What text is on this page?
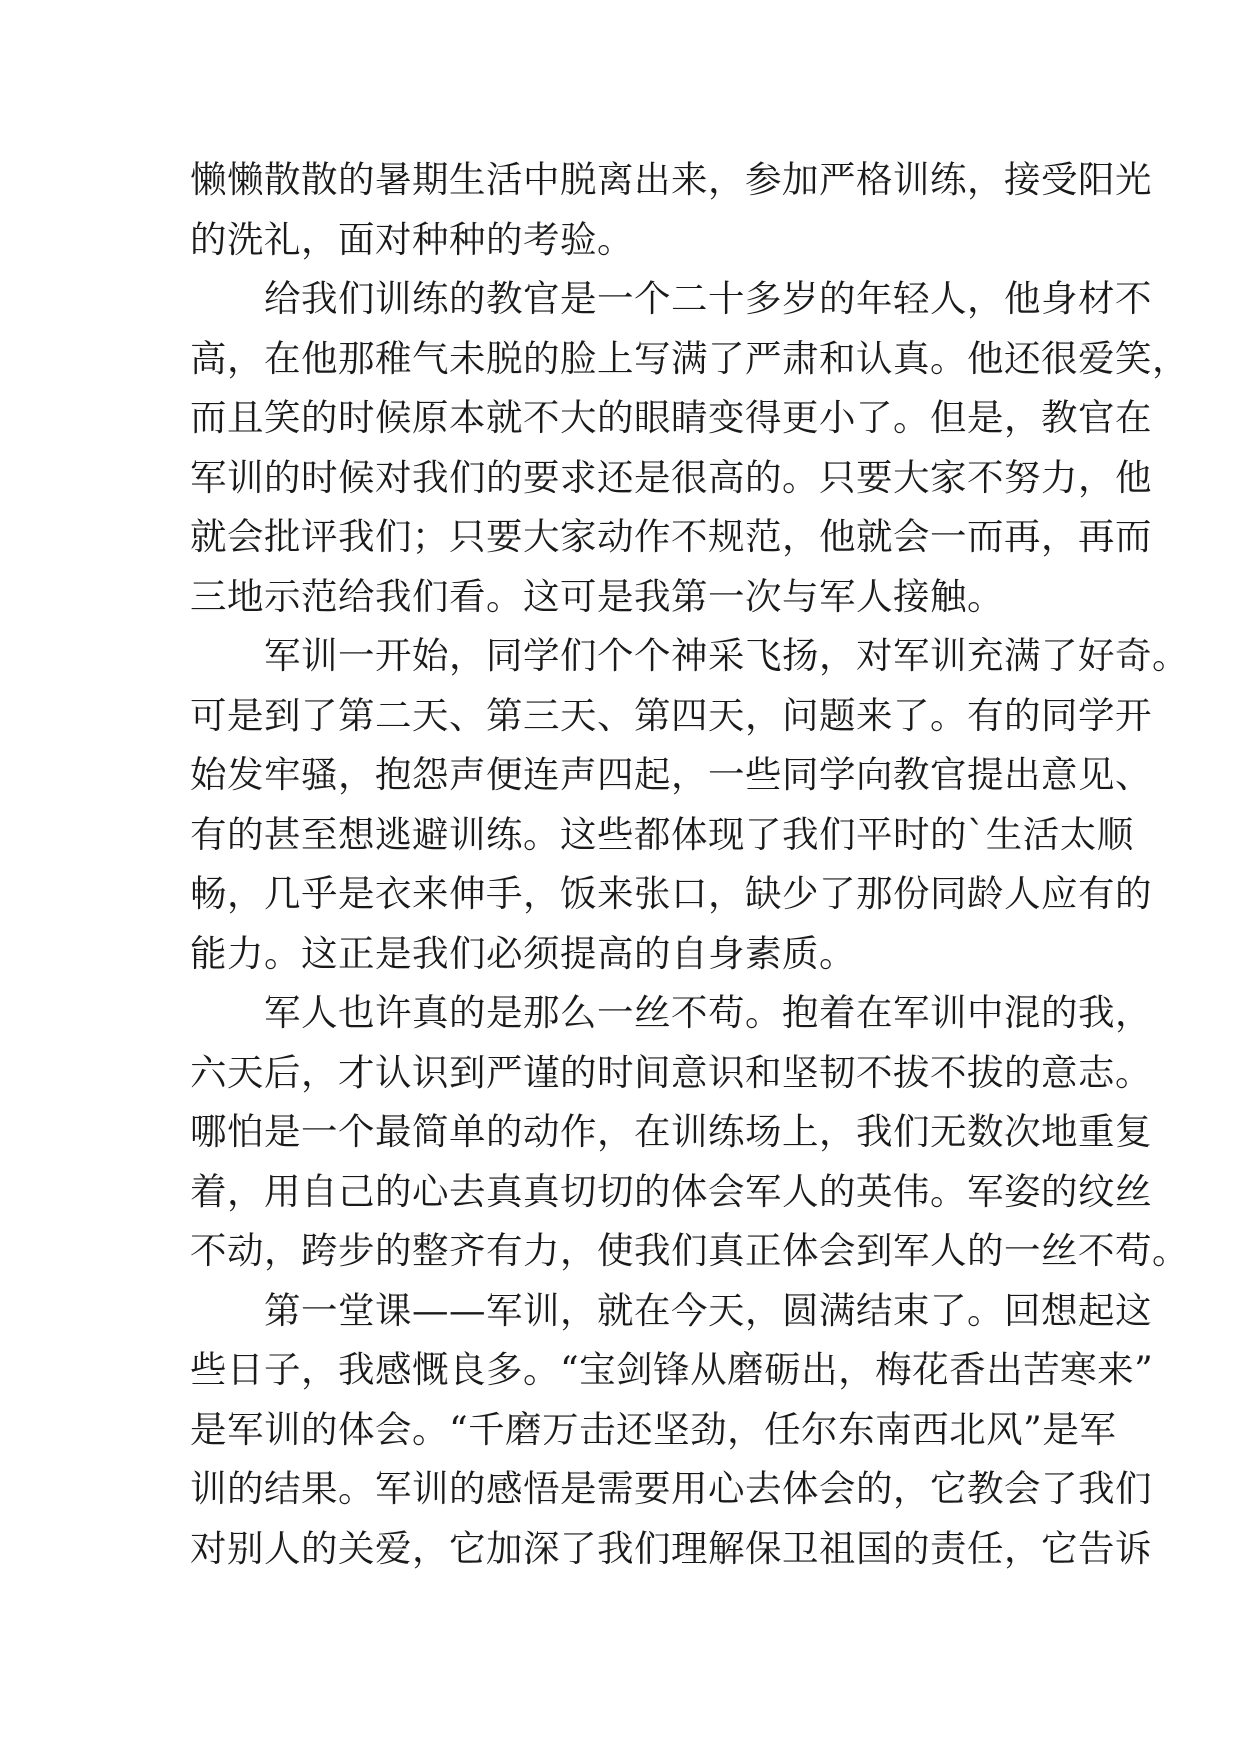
懒懒散散的暑期生活中脱离出来，参加严格训练，接受阳光
的洗礼，面对种种的考验。
给我们训练的教官是一个二十多岁的年轻人，他身材不
高，在他那稚气未脱的脸上写满了严肃和认真。他还很爱笑，
而且笑的时候原本就不大的眼睛变得更小了。但是，教官在
军训的时候对我们的要求还是很高的。只要大家不努力，他
就会批评我们；只要大家动作不规范，他就会一而再，再而
三地示范给我们看。这可是我第一次与军人接触。
军训一开始，同学们个个神采飞扬，对军训充满了好奇。
可是到了第二天、第三天、第四天，问题来了。有的同学开
始发牢骚，抱怨声便连声四起，一些同学向教官提出意见、
有的甚至想逃避训练。这些都体现了我们平时的`生活太顺
畅，几乎是衣来伸手，饭来张口，缺少了那份同龄人应有的
能力。这正是我们必须提高的自身素质。
军人也许真的是那么一丝不苟。抱着在军训中混的我，
六天后，才认识到严谨的时间意识和坚韧不拔不拔的意志。
哪怕是一个最简单的动作，在训练场上，我们无数次地重复
着，用自己的心去真真切切的体会军人的英伟。军姿的纹丝
不动，跨步的整齐有力，使我们真正体会到军人的一丝不苟。
第一堂课——军训，就在今天，圆满结束了。回想起这
些日子，我感慨良多。“宝剑锋从磨砺出，梅花香出苦寒来”
是军训的体会。“千磨万击还坚劲，任尔东南西北风”是军
训的结果。军训的感悟是需要用心去体会的，它教会了我们
对别人的关爱，它加深了我们理解保卫祖国的责任，它告诉
